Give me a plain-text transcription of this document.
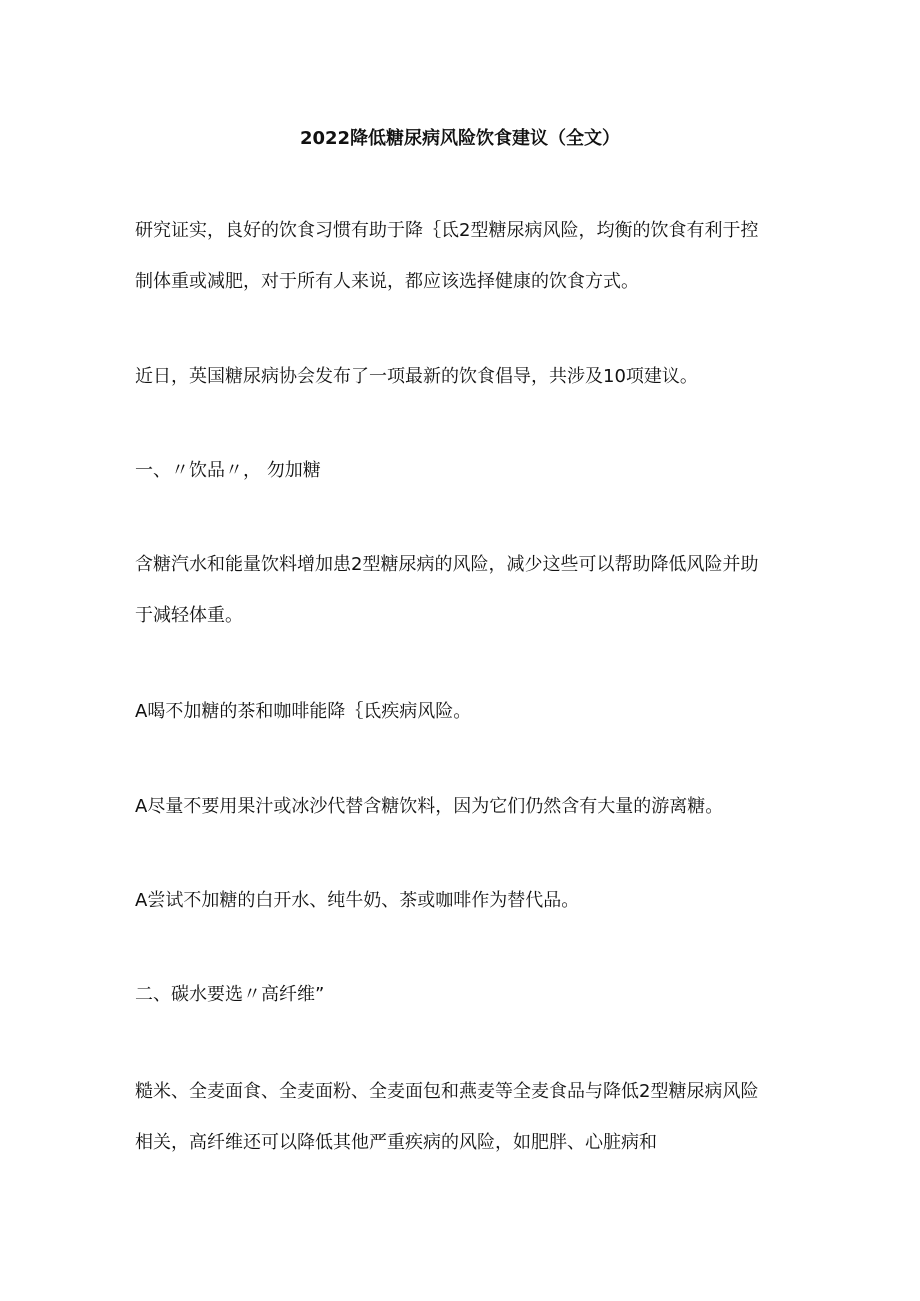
2022降低糖尿病风险饮食建议（全文）

研究证实，良好的饮食习惯有助于降｛氐2型糖尿病风险，均衡的饮食有利于控
制体重或减肥，对于所有人来说，都应该选择健康的饮食方式。

近日，英国糖尿病协会发布了一项最新的饮食倡导，共涉及10项建议。

一、〃饮品〃， 勿加糖

含糖汽水和能量饮料增加患2型糖尿病的风险，减少这些可以帮助降低风险并助
于减轻体重。

A喝不加糖的茶和咖啡能降｛氐疾病风险。

A尽量不要用果汁或冰沙代替含糖饮料，因为它们仍然含有大量的游离糖。

A尝试不加糖的白开水、纯牛奶、茶或咖啡作为替代品。

二、碳水要选〃高纤维”

糙米、全麦面食、全麦面粉、全麦面包和燕麦等全麦食品与降低2型糖尿病风险
相关，高纤维还可以降低其他严重疾病的风险，如肥胖、心脏病和
